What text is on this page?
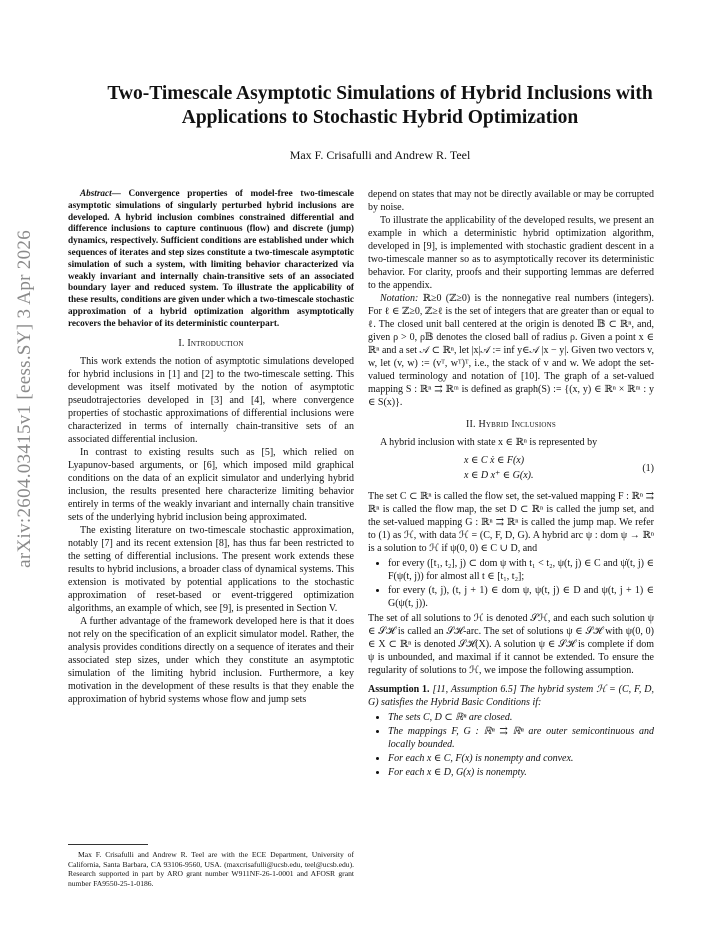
arXiv:2604.03415v1 [eess.SY] 3 Apr 2026
Two-Timescale Asymptotic Simulations of Hybrid Inclusions with
Applications to Stochastic Hybrid Optimization
Max F. Crisafulli and Andrew R. Teel

Abstract— Convergence properties of model-free two-timescale asymptotic simulations of singularly perturbed hybrid inclusions are developed. A hybrid inclusion combines constrained differential and difference inclusions to capture continuous (flow) and discrete (jump) dynamics, respectively. Sufficient conditions are established under which sequences of iterates and step sizes constitute a two-timescale asymptotic simulation of such a system, with limiting behavior characterized via weakly invariant and internally chain-transitive sets of an associated boundary layer and reduced system. To illustrate the applicability of these results, conditions are given under which a two-timescale stochastic approximation of a hybrid optimization algorithm asymptotically recovers the behavior of its deterministic counterpart.

I. Introduction

This work extends the notion of asymptotic simulations developed for hybrid inclusions in [1] and [2] to the two-timescale setting. This development was itself motivated by the notion of asymptotic pseudotrajectories developed in [3] and [4], where convergence properties of stochastic approximations of differential inclusions were characterized in terms of internally chain-transitive sets of an associated differential inclusion.

In contrast to existing results such as [5], which relied on Lyapunov-based arguments, or [6], which imposed mild graphical conditions on the data of an explicit simulator and underlying hybrid inclusion, the results presented here characterize limiting behavior entirely in terms of the weakly invariant and internally chain transitive sets of the underlying hybrid inclusion being approximated.

The existing literature on two-timescale stochastic approximation, notably [7] and its recent extension [8], has thus far been restricted to the setting of differential inclusions. The present work extends these results to hybrid inclusions, a broader class of dynamical systems. This extension is motivated by potential applications to the stochastic approximation of reset-based or event-triggered optimization algorithms, an example of which, see [9], is presented in Section V.

A further advantage of the framework developed here is that it does not rely on the specification of an explicit simulator model. Rather, the analysis provides conditions directly on a sequence of iterates and their associated step sizes, under which they constitute an asymptotic simulation of the limiting hybrid inclusion. Furthermore, a key motivation in the development of these results is that they enable the approximation of hybrid systems whose flow and jump sets

Max F. Crisafulli and Andrew R. Teel are with the ECE Department, University of California, Santa Barbara, CA 93106-9560, USA. (maxcrisafulli@ucsb.edu, teel@ucsb.edu). Research supported in part by ARO grant number W911NF-26-1-0001 and AFOSR grant number FA9550-25-1-0186.

depend on states that may not be directly available or may be corrupted by noise.

To illustrate the applicability of the developed results, we present an example in which a deterministic hybrid optimization algorithm, developed in [9], is implemented with stochastic gradient descent in a two-timescale manner so as to asymptotically recover its deterministic behavior. For clarity, proofs and their supporting lemmas are deferred to the appendix.

Notation: ℝ≥0 (ℤ≥0) is the nonnegative real numbers (integers). For ℓ ∈ ℤ≥0, ℤ≥ℓ is the set of integers that are greater than or equal to ℓ. The closed unit ball centered at the origin is denoted 𝔹 ⊂ ℝⁿ, and, given ρ > 0, ρ𝔹 denotes the closed ball of radius ρ. Given a point x ∈ ℝⁿ and a set 𝒜 ⊂ ℝⁿ, let |x|𝒜 := inf y∈𝒜 |x − y|. Given two vectors v, w, let (v, w) := (vᵀ, wᵀ)ᵀ, i.e., the stack of v and w. We adopt the set-valued terminology and notation of [10]. The graph of a set-valued mapping S : ℝⁿ ⇉ ℝᵐ is defined as graph(S) := {(x, y) ∈ ℝⁿ × ℝᵐ : y ∈ S(x)}.

II. Hybrid Inclusions

A hybrid inclusion with state x ∈ ℝⁿ is represented by

x ∈ C ẋ ∈ F(x)
x ∈ D x⁺ ∈ G(x).
(1)

The set C ⊂ ℝⁿ is called the flow set, the set-valued mapping F : ℝⁿ ⇉ ℝⁿ is called the flow map, the set D ⊂ ℝⁿ is called the jump set, and the set-valued mapping G : ℝⁿ ⇉ ℝⁿ is called the jump map. We refer to (1) as ℋ, with data ℋ = (C, F, D, G). A hybrid arc ψ : dom ψ → ℝⁿ is a solution to ℋ if ψ(0, 0) ∈ C ∪ D, and

• for every ([t₁, t₂], j) ⊂ dom ψ with t₁ < t₂, ψ(t, j) ∈ C and ψ̇(t, j) ∈ F(ψ(t, j)) for almost all t ∈ [t₁, t₂];
• for every (t, j), (t, j + 1) ∈ dom ψ, ψ(t, j) ∈ D and ψ(t, j + 1) ∈ G(ψ(t, j)).

The set of all solutions to ℋ is denoted 𝒮ℋ, and each such solution ψ ∈ 𝒮ℋ is called an 𝒮ℋ-arc. The set of solutions ψ ∈ 𝒮ℋ with ψ(0, 0) ∈ X ⊂ ℝⁿ is denoted 𝒮ℋ(X). A solution ψ ∈ 𝒮ℋ is complete if dom ψ is unbounded, and maximal if it cannot be extended. To ensure the regularity of solutions to ℋ, we impose the following assumption.

Assumption 1. [11, Assumption 6.5] The hybrid system ℋ = (C, F, D, G) satisfies the Hybrid Basic Conditions if:

• The sets C, D ⊂ ℝⁿ are closed.
• The mappings F, G : ℝⁿ ⇉ ℝⁿ are outer semicontinuous and locally bounded.
• For each x ∈ C, F(x) is nonempty and convex.
• For each x ∈ D, G(x) is nonempty.
